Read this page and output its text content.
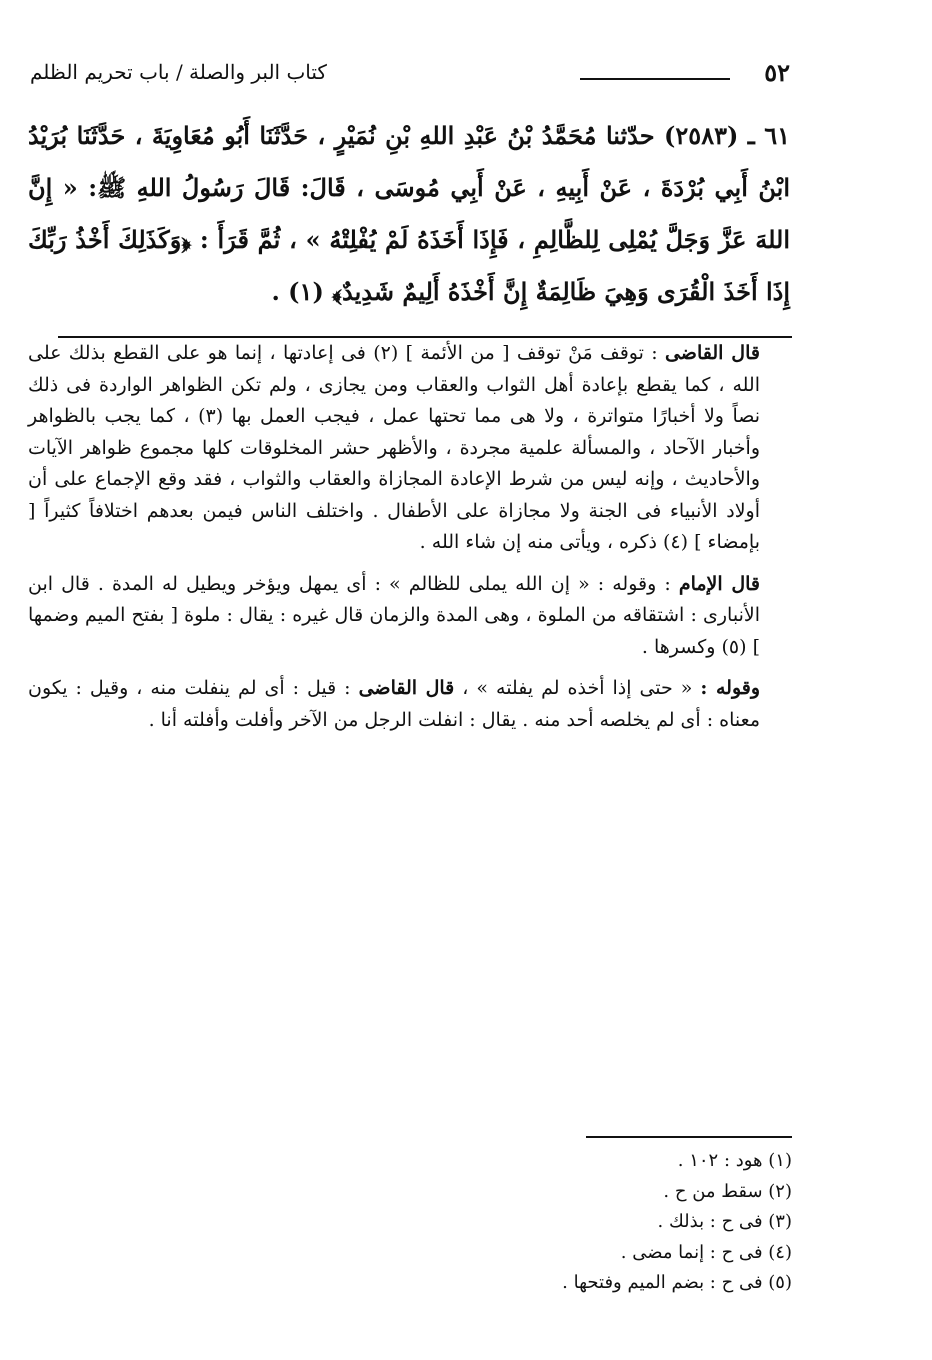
٥٢
كتاب البر والصلة / باب تحريم الظلم

٦١ ـ (٢٥٨٣) حدّثنا مُحَمَّدُ بْنُ عَبْدِ اللهِ بْنِ نُمَيْرٍ ، حَدَّثَنَا أَبُو مُعَاوِيَةَ ، حَدَّثَنَا بُرَيْدُ ابْنُ أَبِي بُرْدَةَ ، عَنْ أَبِيهِ ، عَنْ أَبِي مُوسَى ، قَالَ: قَالَ رَسُولُ اللهِ ﷺ: « إِنَّ اللهَ عَزَّ وَجَلَّ يُمْلِى لِلظَّالِمِ ، فَإِذَا أَخَذَهُ لَمْ يُفْلِتْهُ » ، ثُمَّ قَرَأَ : ﴿وَكَذَلِكَ أَخْذُ رَبِّكَ إِذَا أَخَذَ الْقُرَى وَهِيَ ظَالِمَةٌ إِنَّ أَخْذَهُ أَلِيمٌ شَدِيدٌ﴾ (١) .

قال القاضى : توقف مَنْ توقف [ من الأئمة ] (٢) فى إعادتها ، إنما هو على القطع بذلك على الله ، كما يقطع بإعادة أهل الثواب والعقاب ومن يجازى ، ولم تكن الظواهر الواردة فى ذلك نصاً ولا أخبارًا متواترة ، ولا هى مما تحتها عمل ، فيجب العمل بها (٣) ، كما يجب بالظواهر وأخبار الآحاد ، والمسألة علمية مجردة ، والأظهر حشر المخلوقات كلها مجموع ظواهر الآيات والأحاديث ، وإنه ليس من شرط الإعادة المجازاة والعقاب والثواب ، فقد وقع الإجماع على أن أولاد الأنبياء فى الجنة ولا مجازاة على الأطفال . واختلف الناس فيمن بعدهم اختلافاً كثيراً [ بإمضاء ] (٤) ذكره ، ويأتى منه إن شاء الله .

قال الإمام : وقوله : « إن الله يملى للظالم » : أى يمهل ويؤخر ويطيل له المدة . قال ابن الأنبارى : اشتقاقه من الملوة ، وهى المدة والزمان قال غيره : يقال : ملوة [ بفتح الميم وضمها ] (٥) وكسرها .

وقوله : « حتى إذا أخذه لم يفلته » ، قال القاضى : قيل : أى لم ينفلت منه ، وقيل : يكون معناه : أى لم يخلصه أحد منه . يقال : انفلت الرجل من الآخر وأفلت وأفلته أنا .

(١) هود : ١٠٢ .
(٢) سقط من ح .
(٣) فى ح : بذلك .
(٤) فى ح : إنما مضى .
(٥) فى ح : بضم الميم وفتحها .
